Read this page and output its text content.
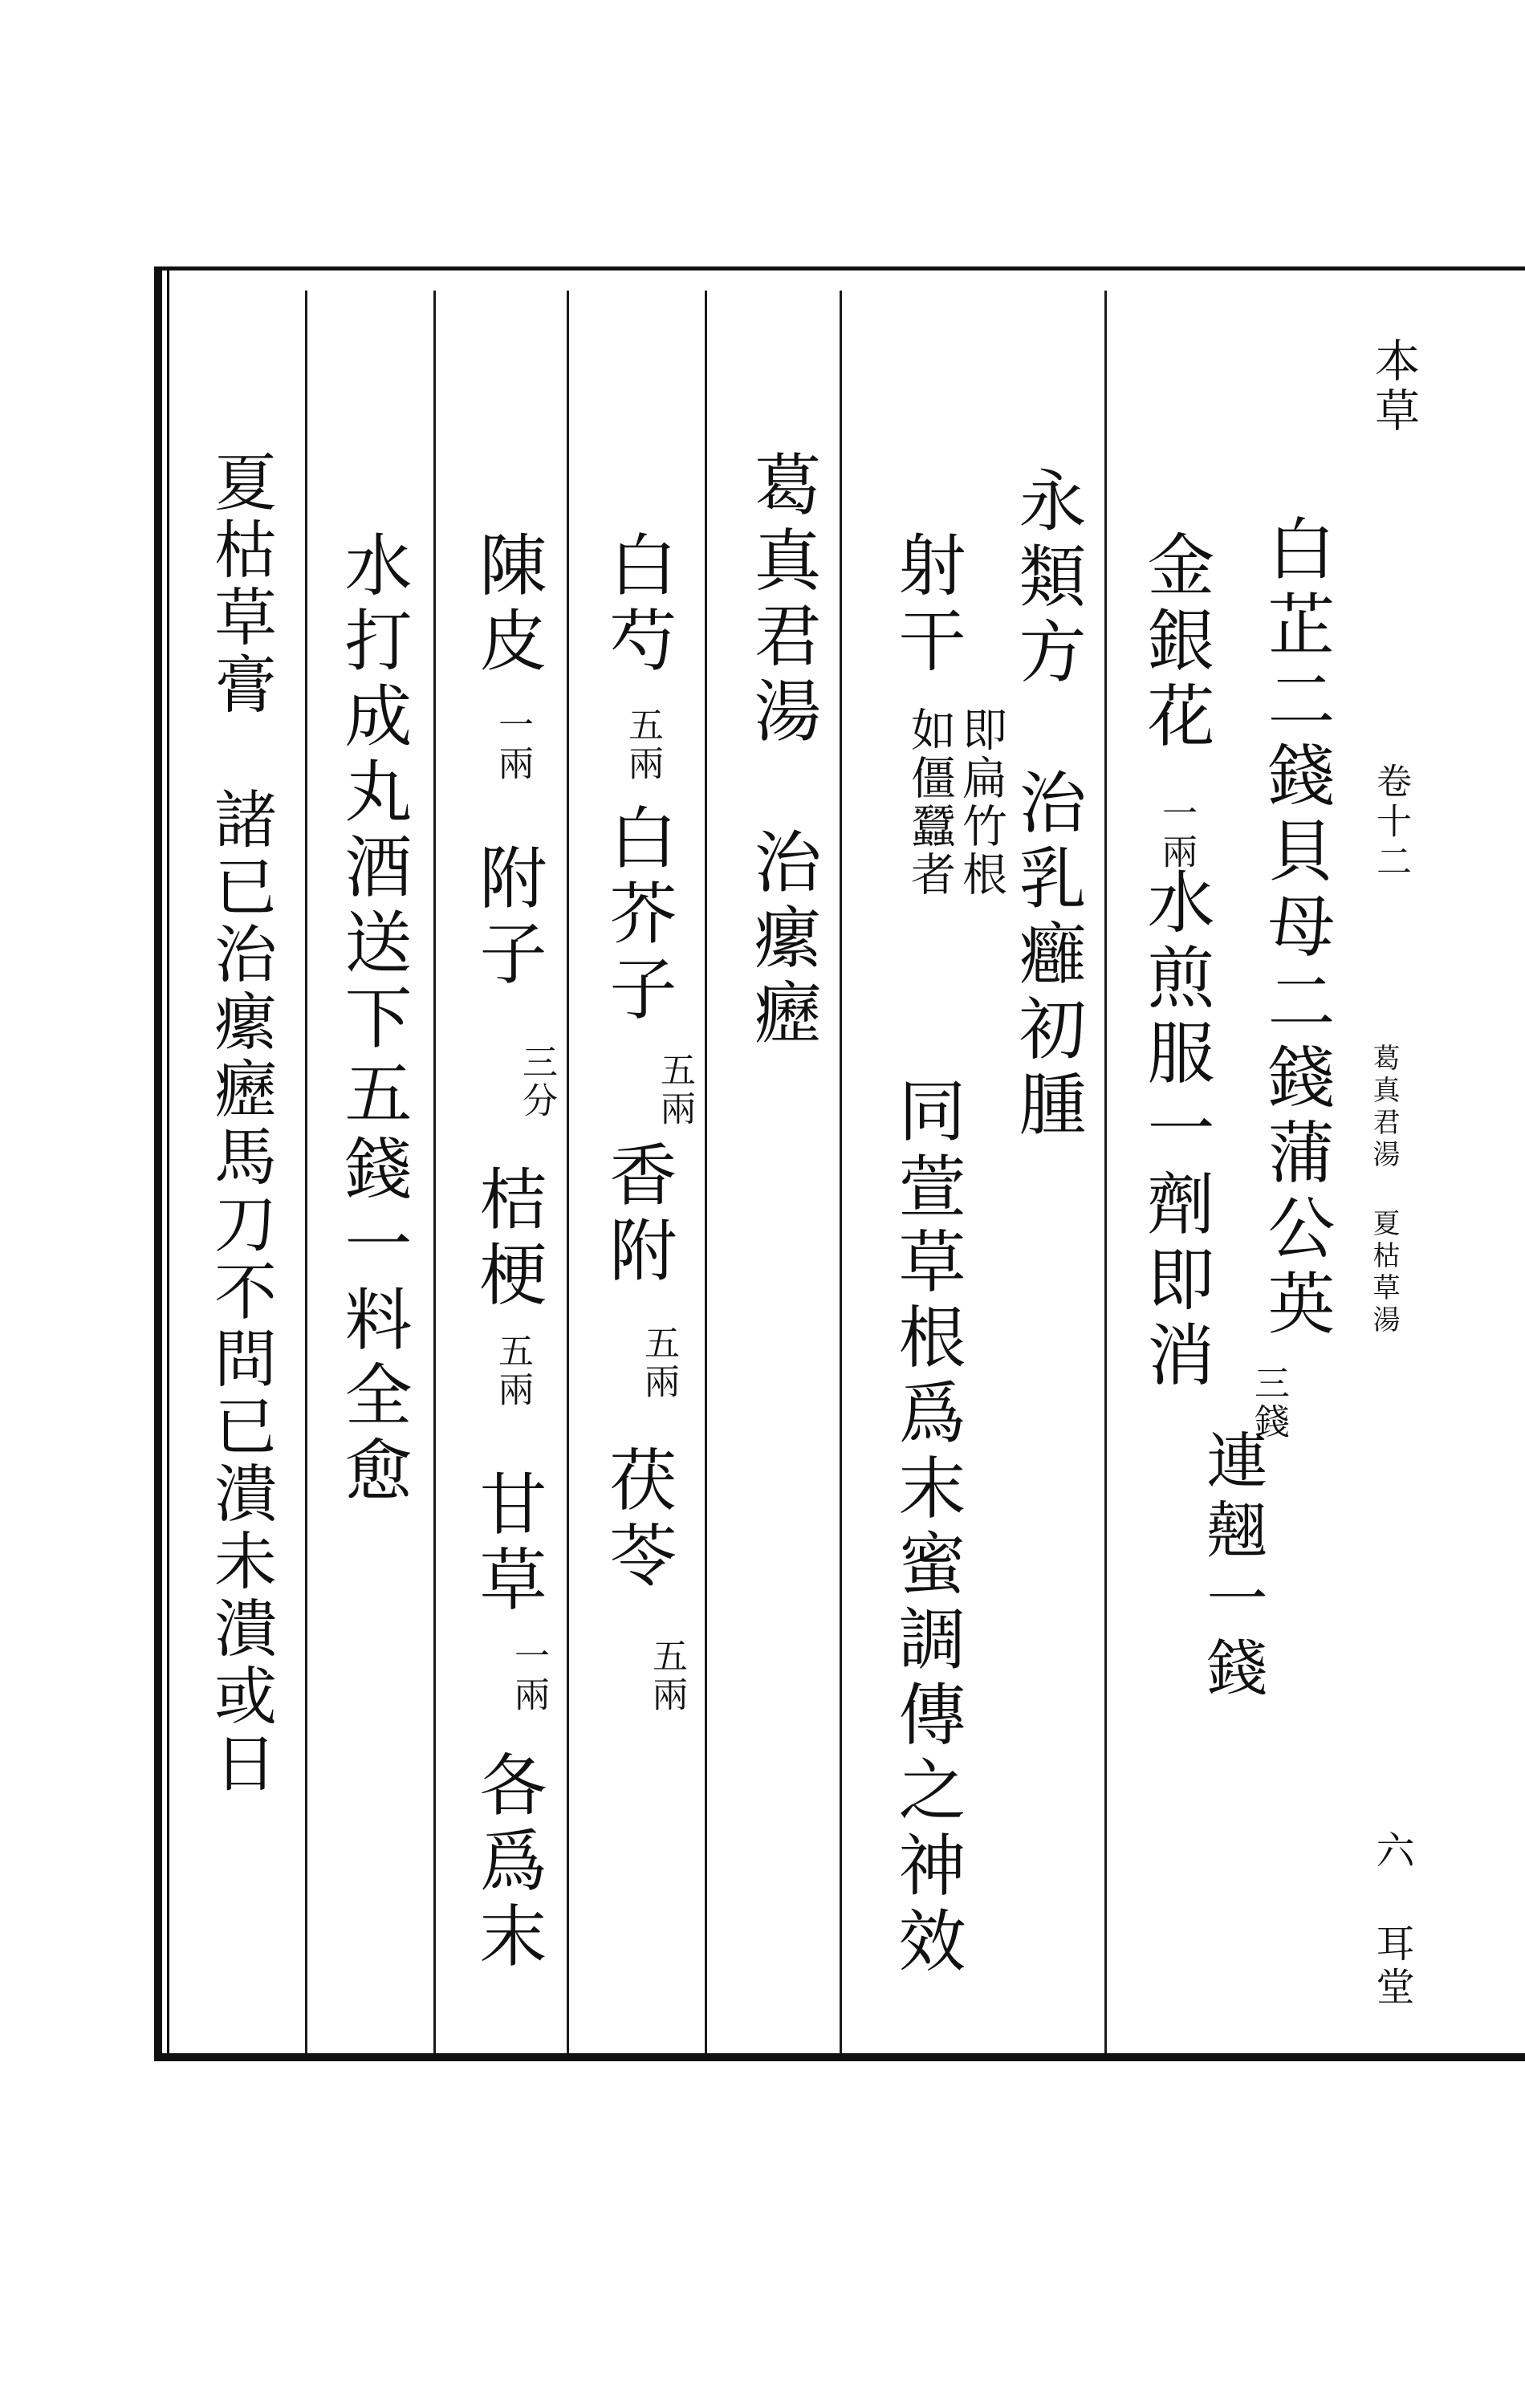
本草
卷十二
葛真君湯 夏枯草湯
六 耳堂
白芷二錢貝母二錢蒲公英
三
錢
連翹一錢
金銀花
一
兩
水煎服一劑即消
永類方　治乳癰初腫
射干
即扁竹根
如僵蠶者
同萱草根爲末蜜調傳之神效
葛真君湯　治瘰癧
白芍
五
兩
白芥子
五
兩
香附
五
兩
茯苓
五
兩
陳皮
一
兩
附子
三
分
桔梗
五
兩
甘草
一
兩
各爲末
水打成丸酒送下五錢一料全愈
夏枯草膏　諸已治瘰癧馬刀不問已潰未潰或日
